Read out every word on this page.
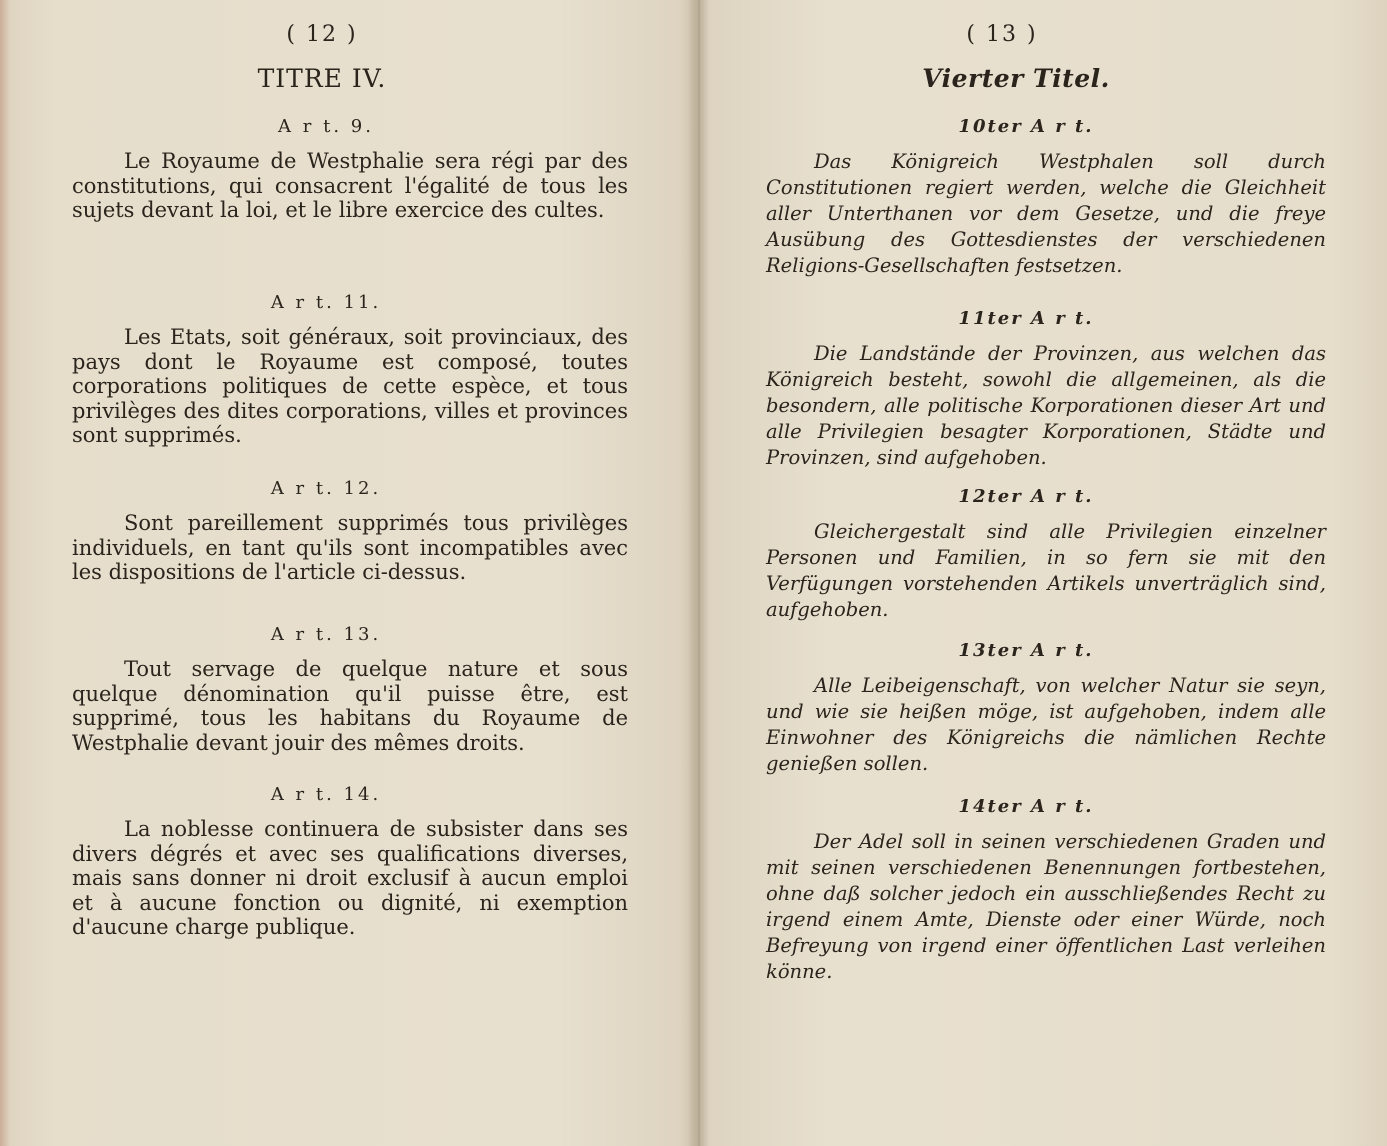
( 12 )
TITRE IV.
A r t. 9.

Le Royaume de Westphalie sera régi par des constitutions, qui consacrent l'égalité de tous les sujets devant la loi, et le libre exercice des cultes.

A r t. 11.

Les Etats, soit généraux, soit provinciaux, des pays dont le Royaume est composé, toutes corporations politiques de cette espèce, et tous privilèges des dites corporations, villes et provinces sont supprimés.

A r t. 12.

Sont pareillement supprimés tous privilèges individuels, en tant qu'ils sont incompatibles avec les dispositions de l'article ci-dessus.

A r t. 13.

Tout servage de quelque nature et sous quelque dénomination qu'il puisse être, est supprimé, tous les habitans du Royaume de Westphalie devant jouir des mêmes droits.

A r t. 14.

La noblesse continuera de subsister dans ses divers dégrés et avec ses qualifications diverses, mais sans donner ni droit exclusif à aucun emploi et à aucune fonction ou dignité, ni exemption d'aucune charge publique.

( 13 )
Vierter Titel.
10ter A r t.

Das Königreich Westphalen soll durch Constitutionen regiert werden, welche die Gleichheit aller Unterthanen vor dem Gesetze, und die freye Ausübung des Gottesdienstes der verschiedenen Religions-Gesellschaften festsetzen.

11ter A r t.

Die Landstände der Provinzen, aus welchen das Königreich besteht, sowohl die allgemeinen, als die besondern, alle politische Korporationen dieser Art und alle Privilegien besagter Korporationen, Städte und Provinzen, sind aufgehoben.

12ter A r t.

Gleichergestalt sind alle Privilegien einzelner Personen und Familien, in so fern sie mit den Verfügungen vorstehenden Artikels unverträglich sind, aufgehoben.

13ter A r t.

Alle Leibeigenschaft, von welcher Natur sie seyn, und wie sie heißen möge, ist aufgehoben, indem alle Einwohner des Königreichs die nämlichen Rechte genießen sollen.

14ter A r t.

Der Adel soll in seinen verschiedenen Graden und mit seinen verschiedenen Benennungen fortbestehen, ohne daß solcher jedoch ein ausschließendes Recht zu irgend einem Amte, Dienste oder einer Würde, noch Befreyung von irgend einer öffentlichen Last verleihen könne.
